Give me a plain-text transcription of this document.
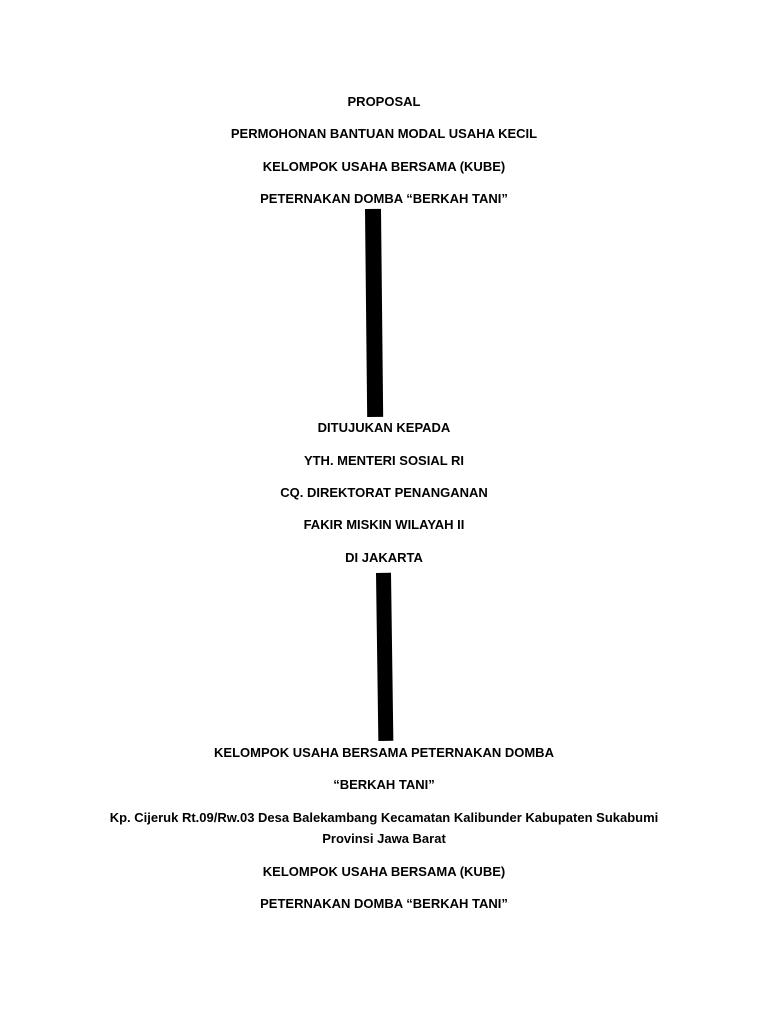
PROPOSAL
PERMOHONAN BANTUAN MODAL USAHA KECIL
KELOMPOK USAHA BERSAMA (KUBE)
PETERNAKAN DOMBA “BERKAH TANI”
DITUJUKAN KEPADA
YTH. MENTERI SOSIAL RI
CQ. DIREKTORAT PENANGANAN
FAKIR MISKIN WILAYAH II
DI JAKARTA
KELOMPOK USAHA BERSAMA PETERNAKAN DOMBA
“BERKAH TANI”
Kp. Cijeruk Rt.09/Rw.03 Desa Balekambang Kecamatan Kalibunder Kabupaten Sukabumi
Provinsi Jawa Barat
KELOMPOK USAHA BERSAMA (KUBE)
PETERNAKAN DOMBA “BERKAH TANI”
